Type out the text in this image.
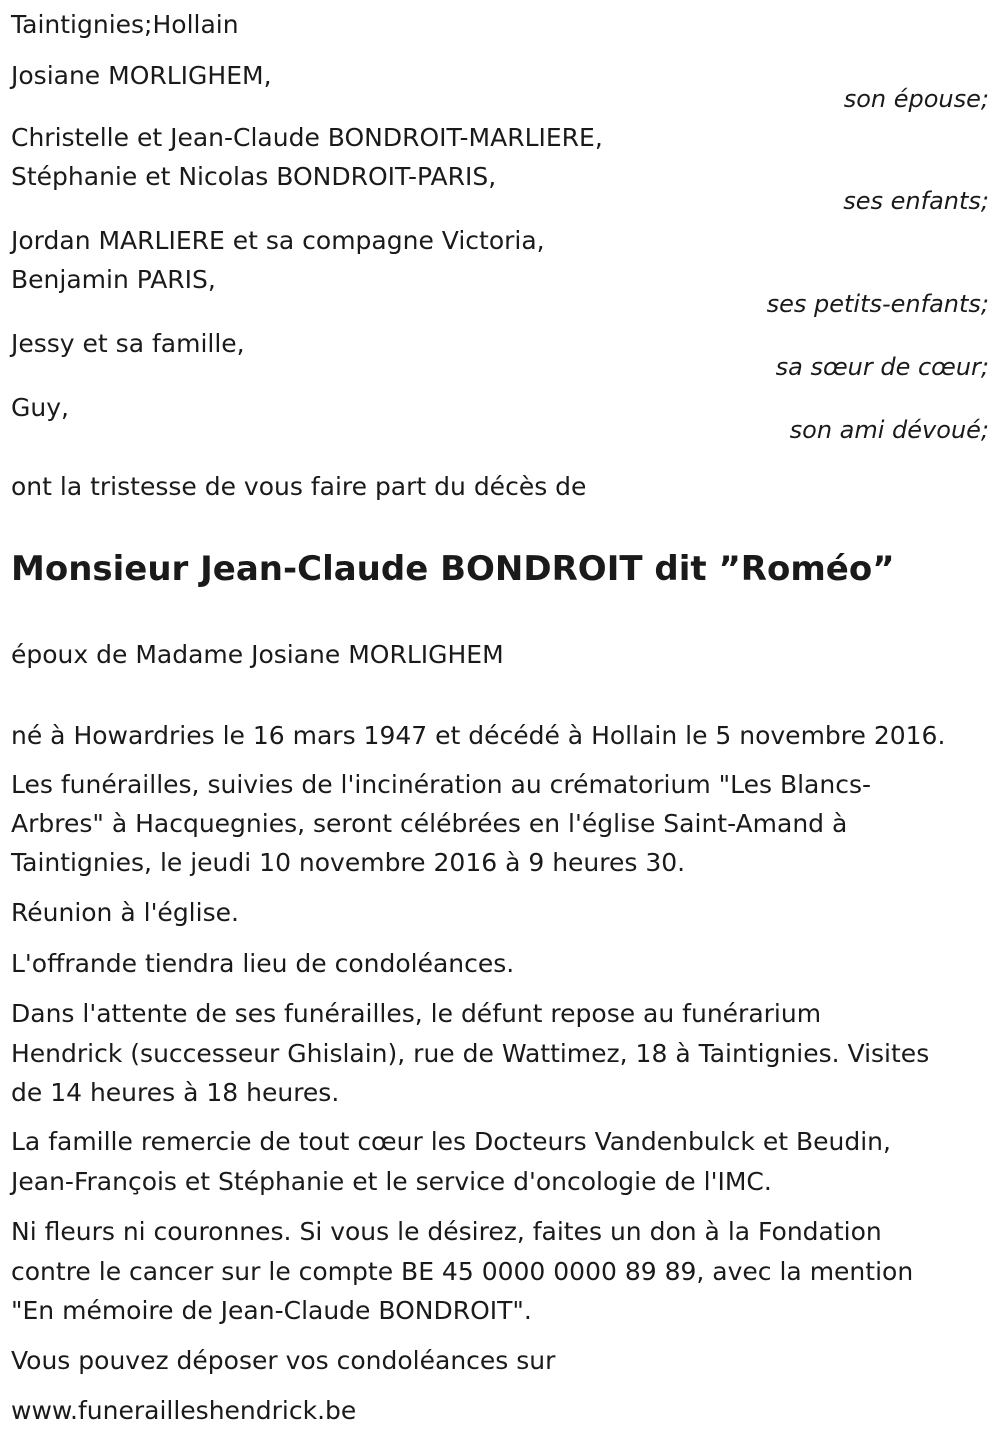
Taintignies;Hollain
Josiane MORLIGHEM,
son épouse;
Christelle et Jean-Claude BONDROIT-MARLIERE,
Stéphanie et Nicolas BONDROIT-PARIS,
ses enfants;
Jordan MARLIERE et sa compagne Victoria,
Benjamin PARIS,
ses petits-enfants;
Jessy et sa famille,
sa sœur de cœur;
Guy,
son ami dévoué;
ont la tristesse de vous faire part du décès de
Monsieur Jean-Claude BONDROIT dit ”Roméo”
époux de Madame Josiane MORLIGHEM
né à Howardries le 16 mars 1947 et décédé à Hollain le 5 novembre 2016.
Les funérailles, suivies de l'incinération au crématorium "Les Blancs-
Arbres" à Hacquegnies, seront célébrées en l'église Saint-Amand à
Taintignies, le jeudi 10 novembre 2016 à 9 heures 30.
Réunion à l'église.
L'offrande tiendra lieu de condoléances.
Dans l'attente de ses funérailles, le défunt repose au funérarium
Hendrick (successeur Ghislain), rue de Wattimez, 18 à Taintignies. Visites
de 14 heures à 18 heures.
La famille remercie de tout cœur les Docteurs Vandenbulck et Beudin,
Jean-François et Stéphanie et le service d'oncologie de l'IMC.
Ni fleurs ni couronnes. Si vous le désirez, faites un don à la Fondation
contre le cancer sur le compte BE 45 0000 0000 89 89, avec la mention
"En mémoire de Jean-Claude BONDROIT".
Vous pouvez déposer vos condoléances sur
www.funerailleshendrick.be
